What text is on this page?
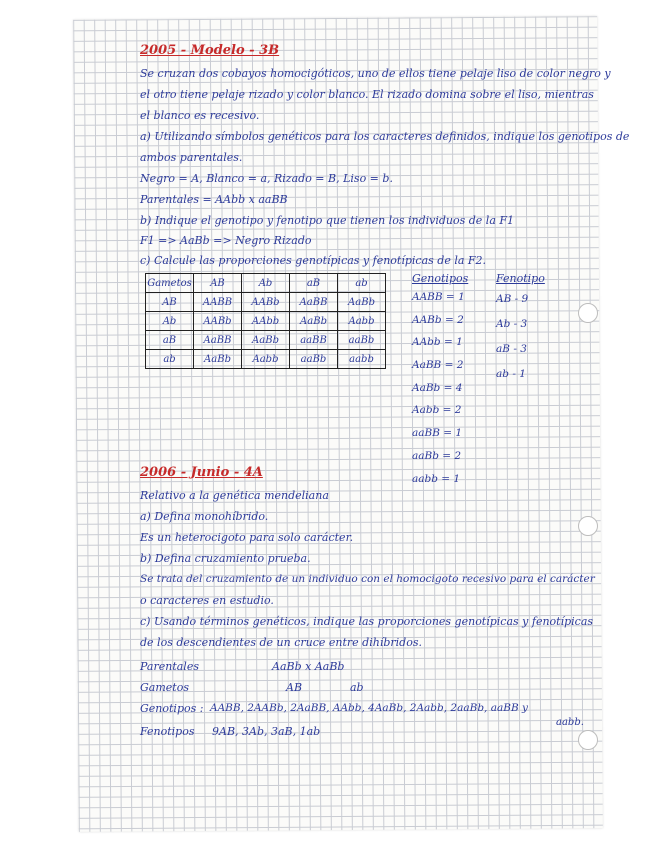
2005 - Modelo - 3B
Se cruzan dos cobayos homocigóticos, uno de ellos tiene pelaje liso de color negro y
el otro tiene pelaje rizado y color blanco. El rizado domina sobre el liso, mientras
el blanco es recesivo.
a) Utilizando símbolos genéticos para los caracteres definidos, indique los genotipos de
ambos parentales.
Negro = A, Blanco = a, Rizado = B, Liso = b.
Parentales = AAbb x aaBB
b) Indique el genotipo y fenotipo que tienen los individuos de la F1
F1 => AaBb => Negro Rizado
c) Calcule las proporciones genotípicas y fenotípicas de la F2.
Gametos	AB	Ab	aB	ab
AB	AABB	AABb	AaBB	AaBb
Ab	AABb	AAbb	AaBb	Aabb
aB	AaBB	AaBb	aaBB	aaBb
ab	AaBb	Aabb	aaBb	aabb
Genotipos
AABB = 1
AABb = 2
AAbb = 1
AaBB = 2
AaBb = 4
Aabb = 2
aaBB = 1
aaBb = 2
aabb = 1
Fenotipo
AB - 9
Ab - 3
aB - 3
ab - 1
2006 - Junio - 4A
Relativo a la genética mendeliana
a) Defina monohíbrido.
Es un heterocigoto para solo carácter.
b) Defina cruzamiento prueba.
Se trata del cruzamiento de un individuo con el homocigoto recesivo para el carácter
o caracteres en estudio.
c) Usando términos genéticos, indique las proporciones genotípicas y fenotípicas
de los descendientes de un cruce entre dihíbridos.
Parentales	AaBb x AaBb
Gametos	AB	ab
Genotipos : AABB, 2AABb, 2AaBB, AAbb, 4AaBb, 2Aabb, 2aaBb, aaBB y
aabb.
Fenotipos 9AB, 3Ab, 3aB, 1ab
